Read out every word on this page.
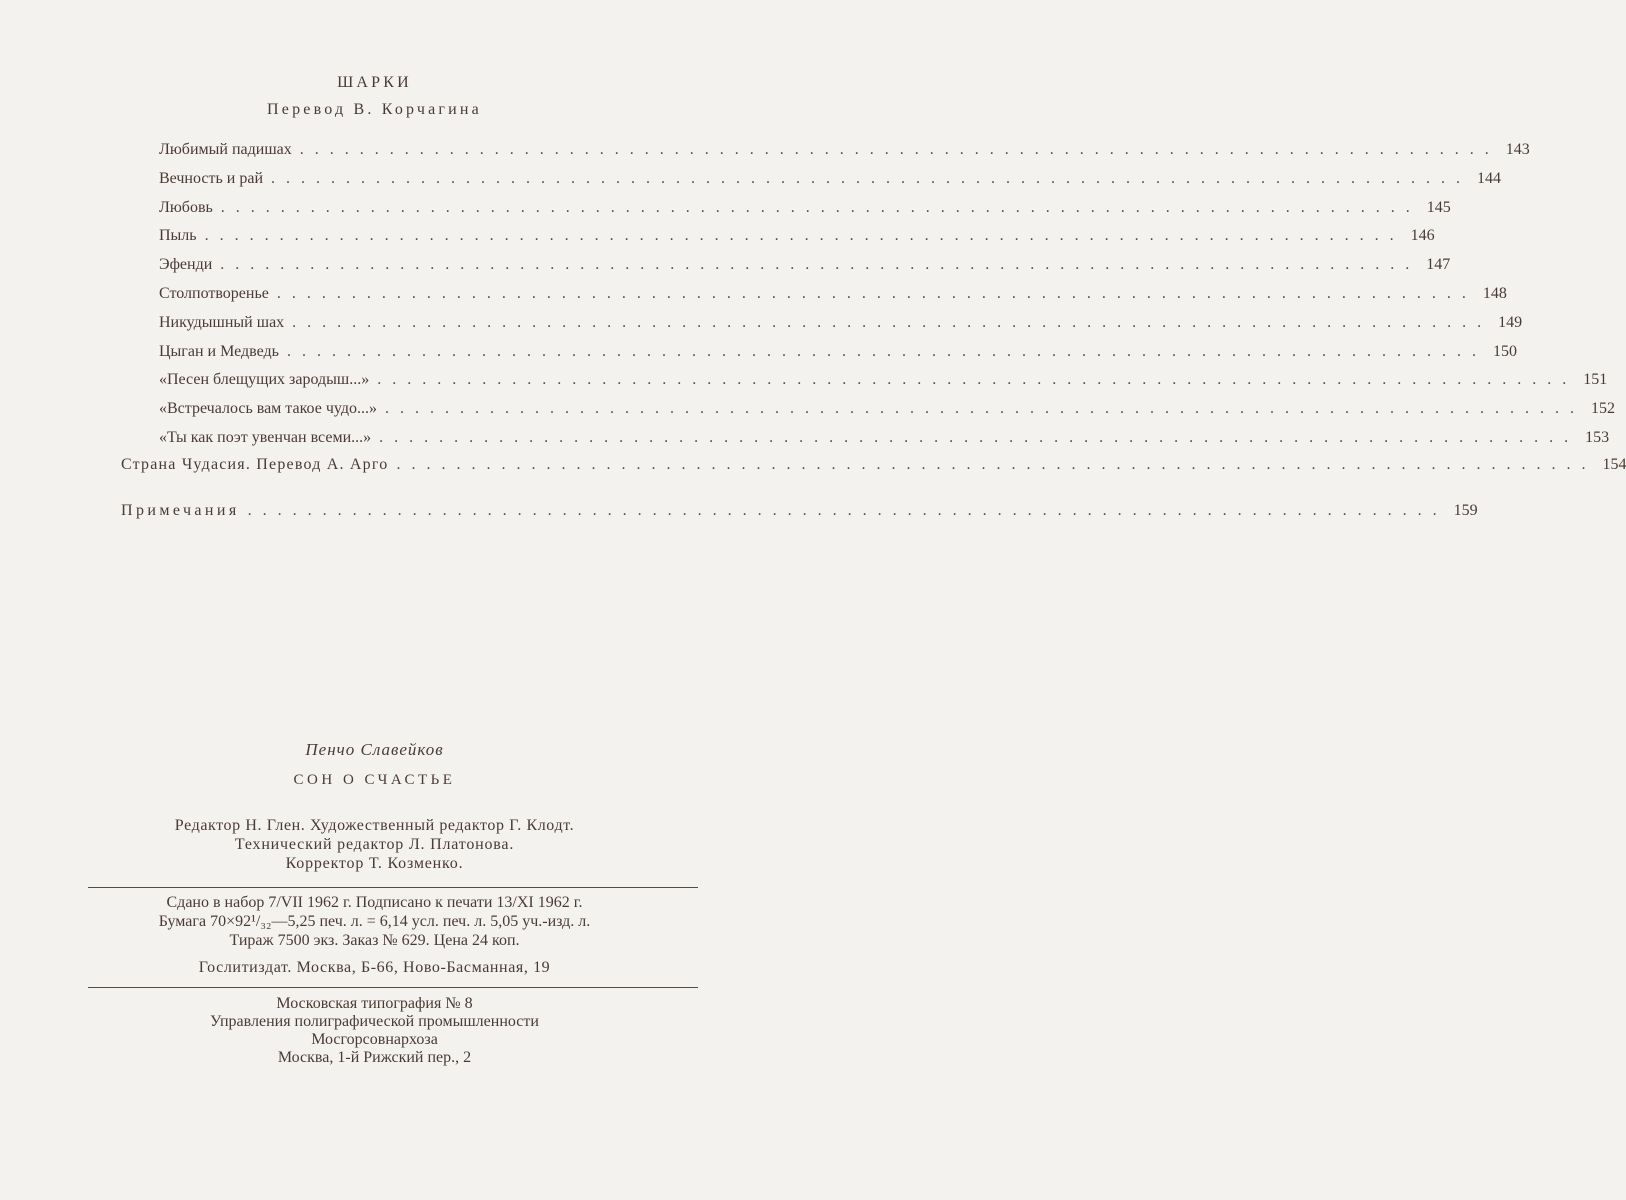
ШАРКИ
Перевод В. Корчагина
Любимый падишах ................................................................................ 143
Вечность и рай ................................................................................ 144
Любовь ................................................................................ 145
Пыль ................................................................................ 146
Эфенди ................................................................................ 147
Столпотворенье ................................................................................ 148
Никудышный шах ................................................................................ 149
Цыган и Медведь ................................................................................ 150
«Песен блещущих зародыш...» ................................................................................ 151
«Встречалось вам такое чудо...» ................................................................................ 152
«Ты как поэт увенчан всеми...» ................................................................................ 153
Страна Чудасия. Перевод А. Арго ................................................................................ 154
Примечания ................................................................................ 159
Пенчо Славейков
СОН О СЧАСТЬЕ
Редактор Н. Глен. Художественный редактор Г. Клодт.
Технический редактор Л. Платонова.
Корректор Т. Козменко.
Сдано в набор 7/VII 1962 г. Подписано к печати 13/XI 1962 г.
Бумага 70×92¹/₃₂—5,25 печ. л. = 6,14 усл. печ. л. 5,05 уч.-изд. л.
Тираж 7500 экз. Заказ № 629. Цена 24 коп.
Гослитиздат. Москва, Б-66, Ново-Басманная, 19
Московская типография № 8
Управления полиграфической промышленности
Мосгорсовнархоза
Москва, 1-й Рижский пер., 2
